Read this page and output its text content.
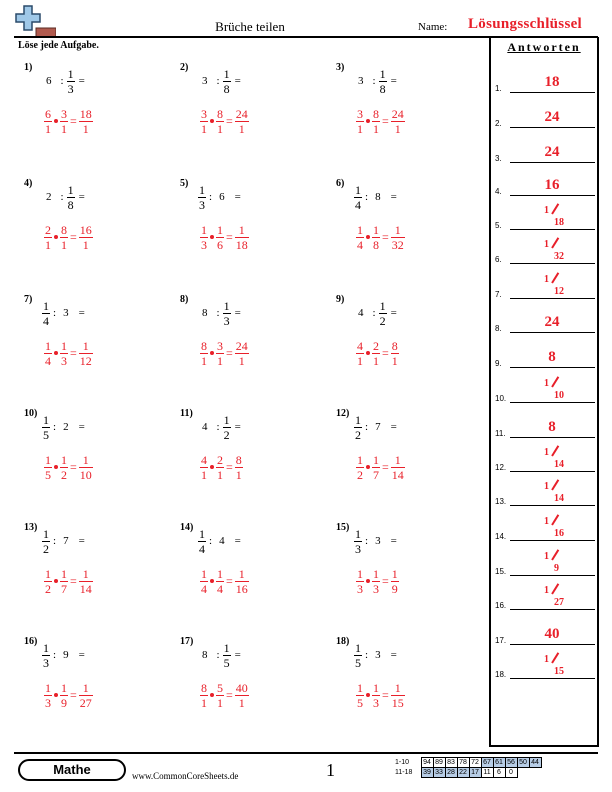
Brüche teilen	Name: Lösungsschlüssel
Löse jede Aufgabe.	Antworten
1.	18
2.	24
3.	24
4.	16
5.
1
18
6.
1
32
7.
1
12
8.	24
9.	8
10.
1
10
11.	8
12.
1
14
13.
1
14
14.
1
16
15.
1
9
16.
1
27
17.	40
18.
1
15
1)
6 : $\frac{1}{3}$ =
$\frac{6}{1} \frac{3}{1} = \frac{18}{1}$
2)
3 : $\frac{1}{8}$ =
$\frac{3}{1} \frac{8}{1} = \frac{24}{1}$
3)
3 : $\frac{1}{8}$ =
$\frac{3}{1} \frac{8}{1} = \frac{24}{1}$
4)
2 : $\frac{1}{8}$ =
$\frac{2}{1} \frac{8}{1} = \frac{16}{1}$
$5) \frac{1}{3}$ : 6 =
$\frac{1}{3} \frac{1}{6} = \frac{1}{18}$
$6) \frac{1}{4}$ : 8 =
$\frac{1}{4} \frac{1}{8} = \frac{1}{32}$
$7) \frac{1}{4}$ : 3 =
$\frac{1}{4} \frac{1}{3} = \frac{1}{12}$
8)
8 : $\frac{1}{3}$ =
$\frac{8}{1} \frac{3}{1} = \frac{24}{1}$
9)
4 : $\frac{1}{2}$ =
$\frac{4}{1} \frac{2}{1} = \frac{8}{1}$
$10) \frac{1}{5}$ : 2 =
$\frac{1}{5} \frac{1}{2} = \frac{1}{10}$
11)
4 : $\frac{1}{2}$ =
$\frac{4}{1} \frac{2}{1} = \frac{8}{1}$
$12) \frac{1}{2}$ : 7 =
$\frac{1}{2} \frac{1}{7} = \frac{1}{14}$
$13) \frac{1}{2}$ : 7 =
$\frac{1}{2} \frac{1}{7} = \frac{1}{14}$
$14) \frac{1}{4}$ : 4 =
$\frac{1}{4} \frac{1}{4} = \frac{1}{16}$
$15) \frac{1}{3}$ : 3 =
$\frac{1}{3} \frac{1}{3} = \frac{1}{9}$
$16) \frac{1}{3}$ : 9 =
$\frac{1}{3} \frac{1}{9} = \frac{1}{27}$
17)
8 : $\frac{1}{5}$ =
$\frac{8}{1} \frac{5}{1} = \frac{40}{1}$
$18) \frac{1}{5}$ : 3 =
$\frac{1}{5} \frac{1}{3} = \frac{1}{15}$
Mathe	www.CommonCoreSheets.de	1	1-10	94	89	83	78	72	67	61	56	50	44
11-18	39	33	28	22	17	11	6	0		
